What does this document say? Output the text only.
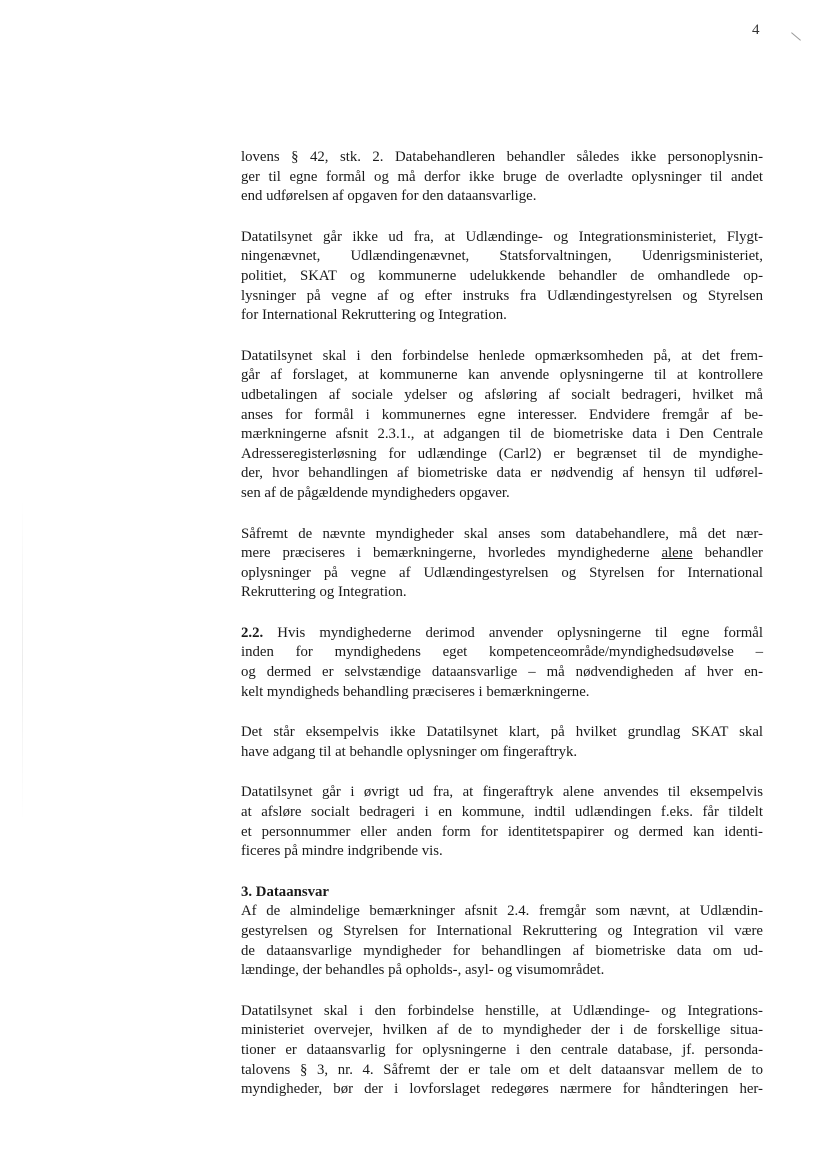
4
lovens § 42, stk. 2. Databehandleren behandler således ikke personoplysnin-
ger til egne formål og må derfor ikke bruge de overladte oplysninger til andet
end udførelsen af opgaven for den dataansvarlige.
Datatilsynet går ikke ud fra, at Udlændinge- og Integrationsministeriet, Flygt-
ningenævnet, Udlændingenævnet, Statsforvaltningen, Udenrigsministeriet,
politiet, SKAT og kommunerne udelukkende behandler de omhandlede op-
lysninger på vegne af og efter instruks fra Udlændingestyrelsen og Styrelsen
for International Rekruttering og Integration.
Datatilsynet skal i den forbindelse henlede opmærksomheden på, at det frem-
går af forslaget, at kommunerne kan anvende oplysningerne til at kontrollere
udbetalingen af sociale ydelser og afsløring af socialt bedrageri, hvilket må
anses for formål i kommunernes egne interesser. Endvidere fremgår af be-
mærkningerne afsnit 2.3.1., at adgangen til de biometriske data i Den Centrale
Adresseregisterløsning for udlændinge (Carl2) er begrænset til de myndighe-
der, hvor behandlingen af biometriske data er nødvendig af hensyn til udførel-
sen af de pågældende myndigheders opgaver.
Såfremt de nævnte myndigheder skal anses som databehandlere, må det nær-
mere præciseres i bemærkningerne, hvorledes myndighederne alene behandler
oplysninger på vegne af Udlændingestyrelsen og Styrelsen for International
Rekruttering og Integration.
2.2. Hvis myndighederne derimod anvender oplysningerne til egne formål
inden for myndighedens eget kompetenceområde/myndighedsudøvelse –
og dermed er selvstændige dataansvarlige – må nødvendigheden af hver en-
kelt myndigheds behandling præciseres i bemærkningerne.
Det står eksempelvis ikke Datatilsynet klart, på hvilket grundlag SKAT skal
have adgang til at behandle oplysninger om fingeraftryk.
Datatilsynet går i øvrigt ud fra, at fingeraftryk alene anvendes til eksempelvis
at afsløre socialt bedrageri i en kommune, indtil udlændingen f.eks. får tildelt
et personnummer eller anden form for identitetspapirer og dermed kan identi-
ficeres på mindre indgribende vis.
3. Dataansvar
Af de almindelige bemærkninger afsnit 2.4. fremgår som nævnt, at Udlændin-
gestyrelsen og Styrelsen for International Rekruttering og Integration vil være
de dataansvarlige myndigheder for behandlingen af biometriske data om ud-
lændinge, der behandles på opholds-, asyl- og visumområdet.
Datatilsynet skal i den forbindelse henstille, at Udlændinge- og Integrations-
ministeriet overvejer, hvilken af de to myndigheder der i de forskellige situa-
tioner er dataansvarlig for oplysningerne i den centrale database, jf. personda-
talovens § 3, nr. 4. Såfremt der er tale om et delt dataansvar mellem de to
myndigheder, bør der i lovforslaget redegøres nærmere for håndteringen her-
